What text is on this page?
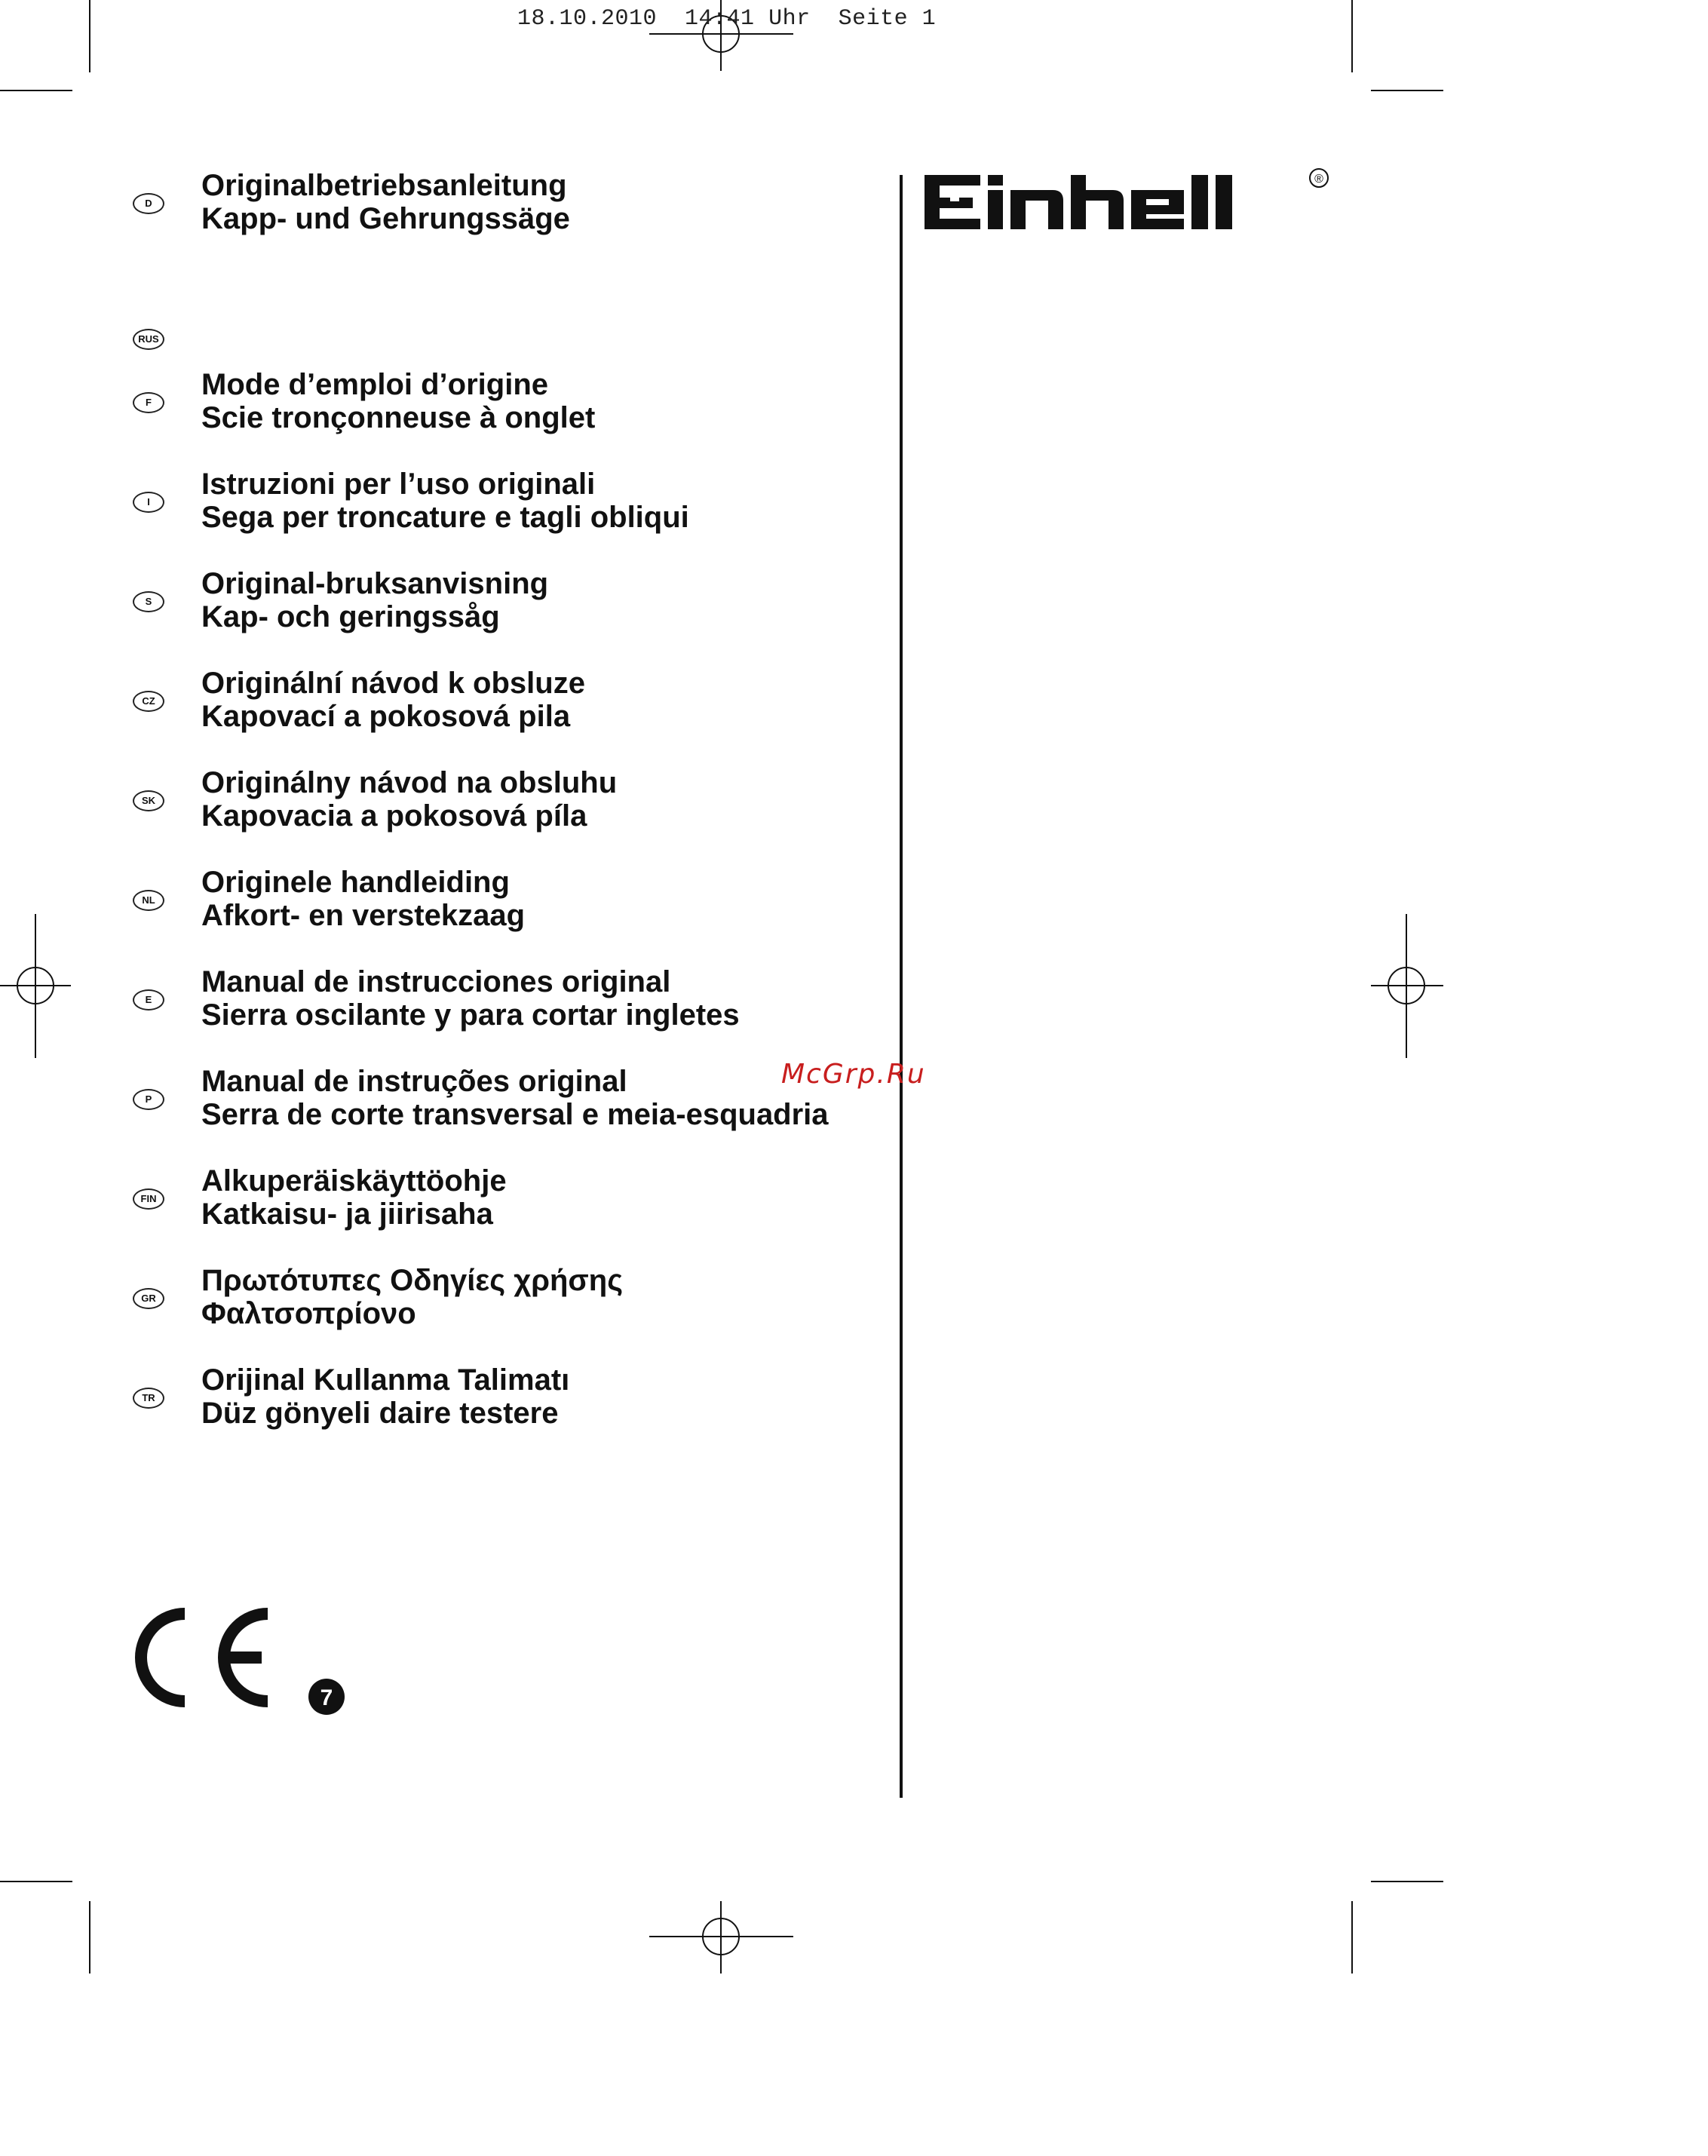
18.10.2010 14:41 Uhr Seite 1
D
Originalbetriebsanleitung
Kapp- und Gehrungssäge
RUS
F
Mode d’emploi d’origine
Scie tronçonneuse à onglet
I
Istruzioni per l’uso originali
Sega per troncature e tagli obliqui
S
Original-bruksanvisning
Kap- och geringssåg
CZ
Originální návod k obsluze
Kapovací a pokosová pila
SK
Originálny návod na obsluhu
Kapovacia a pokosová píla
NL
Originele handleiding
Afkort- en verstekzaag
E
Manual de instrucciones original
Sierra oscilante y para cortar ingletes
P
Manual de instruções original
Serra de corte transversal e meia-esquadria
FIN
Alkuperäiskäyttöohje
Katkaisu- ja jiirisaha
GR
Πρωτότυπες Οδηγίες χρήσης
Φαλτσοπρίονο
TR
Orijinal Kullanma Talimatı
Düz gönyeli daire testere
®
McGrp.Ru
7
